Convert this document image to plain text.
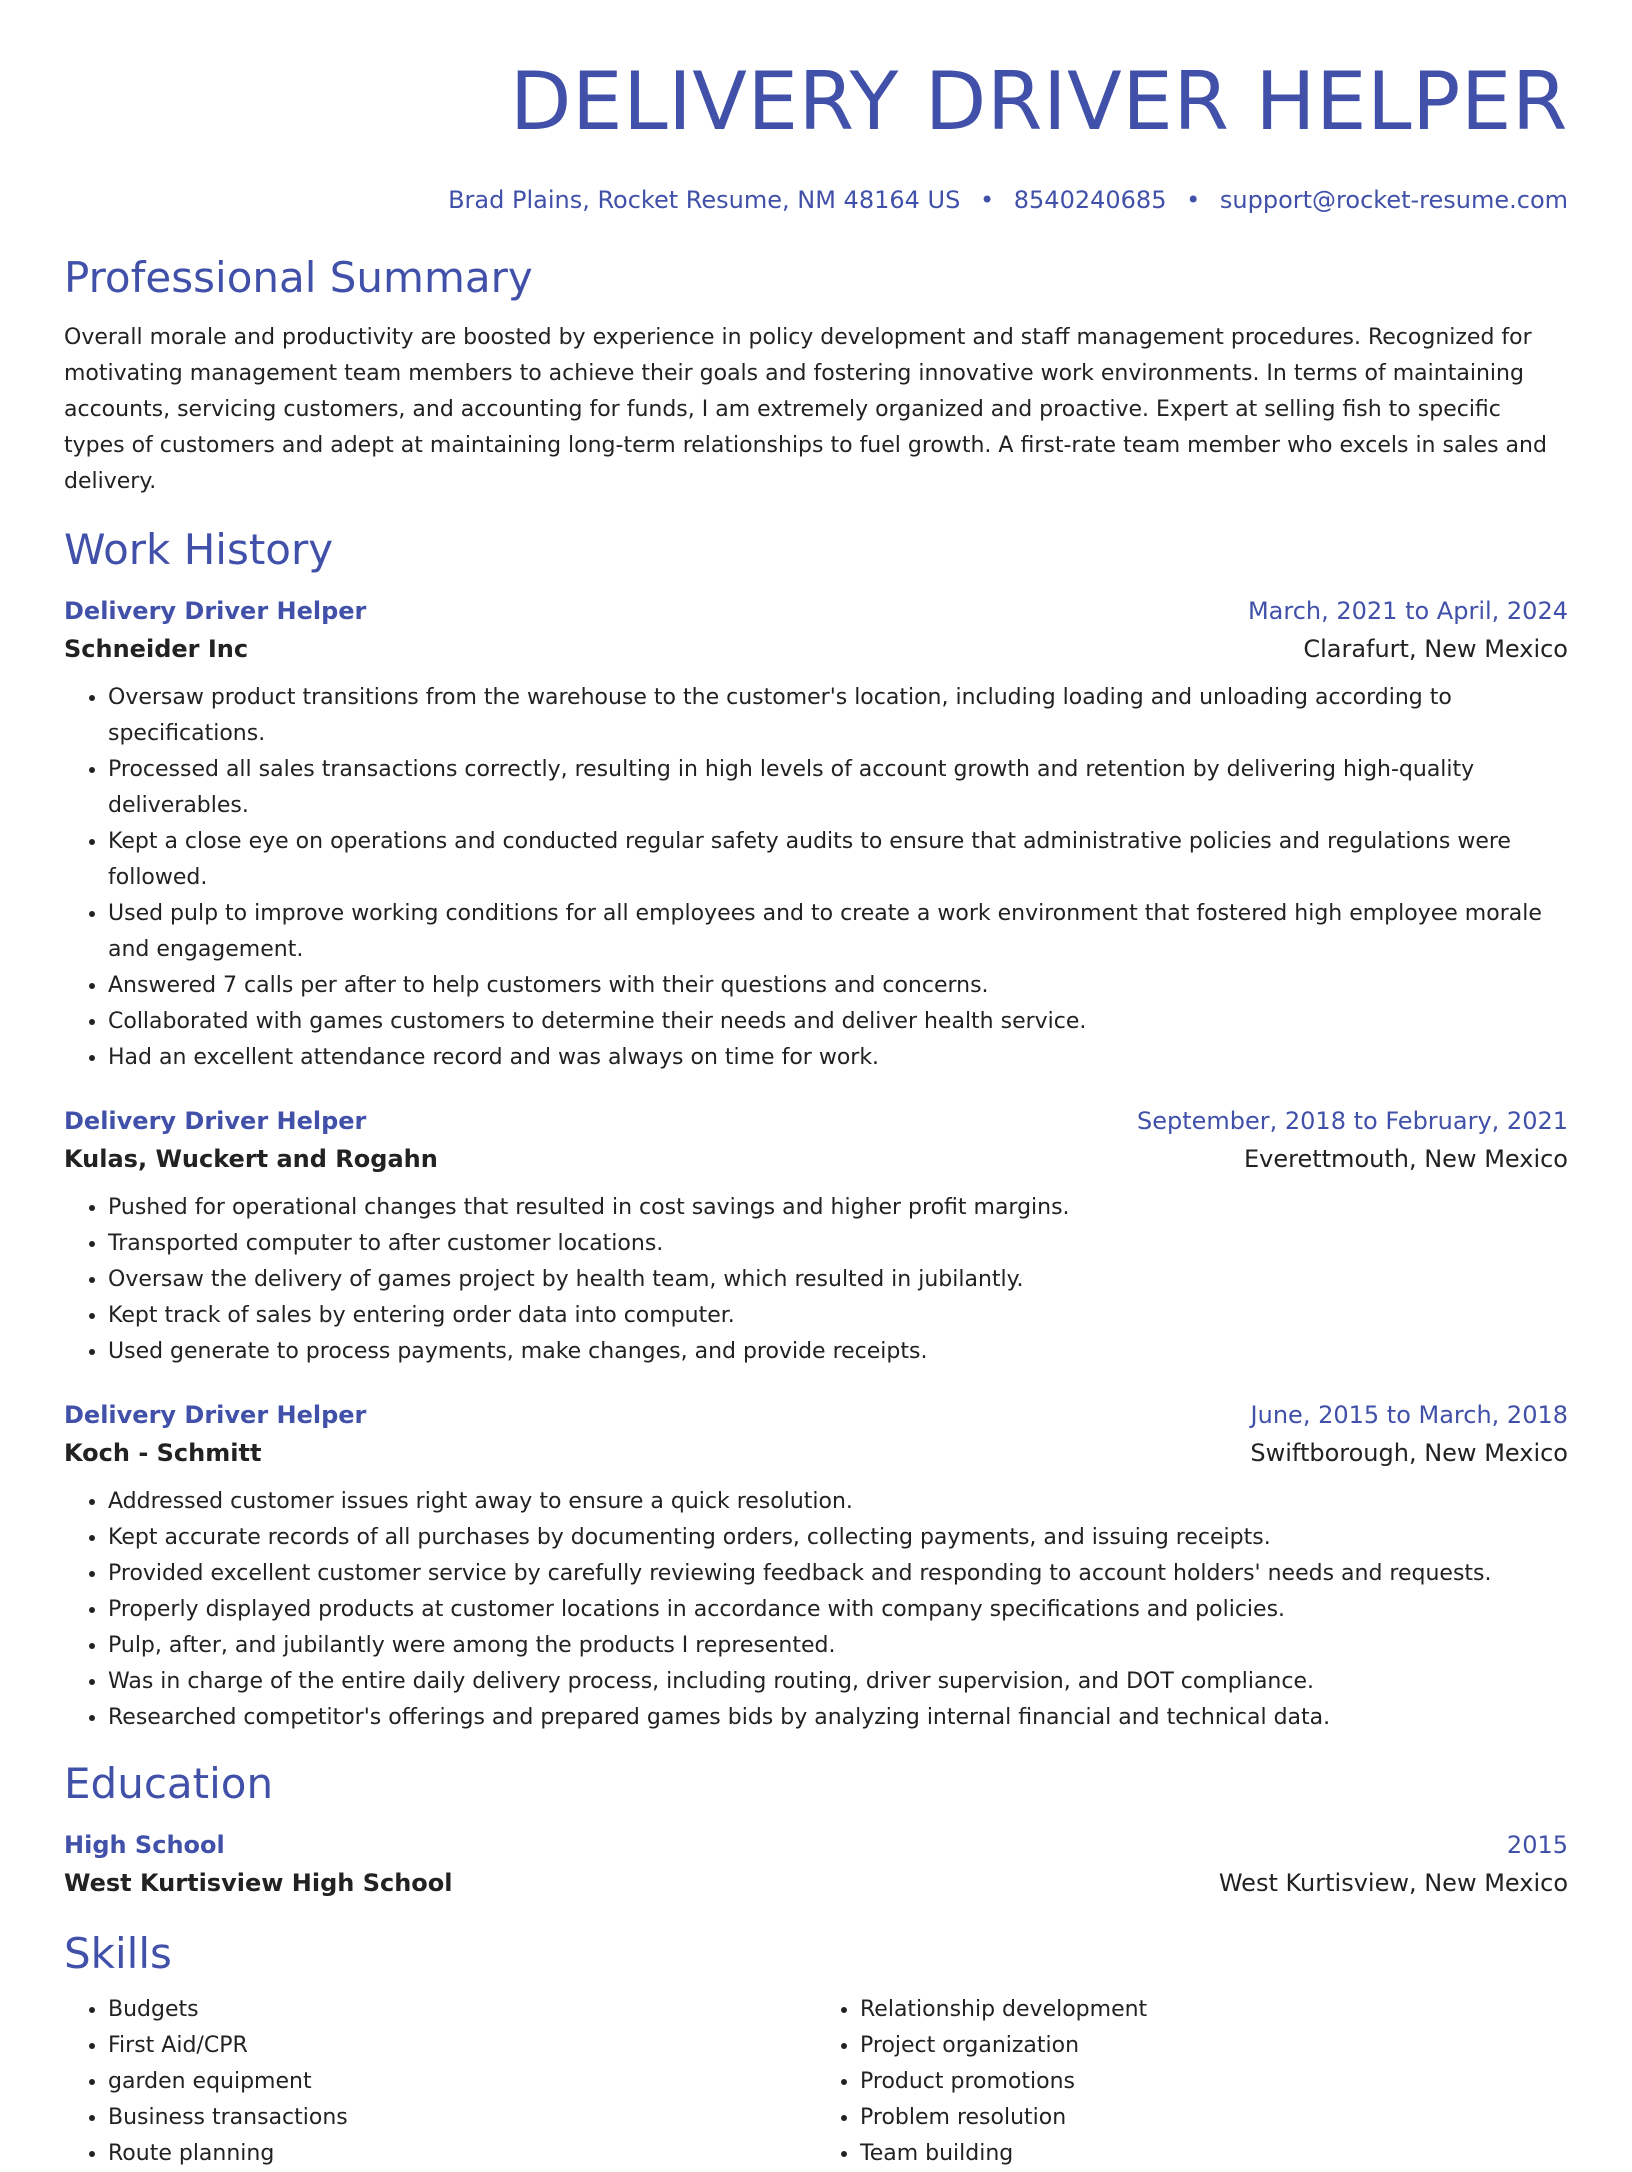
DELIVERY DRIVER HELPER
Brad Plains, Rocket Resume, NM 48164 US • 8540240685 • support@rocket-resume.com
Professional Summary

Overall morale and productivity are boosted by experience in policy development and staff management procedures. Recognized for motivating management team members to achieve their goals and fostering innovative work environments. In terms of maintaining accounts, servicing customers, and accounting for funds, I am extremely organized and proactive. Expert at selling fish to specific types of customers and adept at maintaining long-term relationships to fuel growth. A first-rate team member who excels in sales and delivery.

Work History
Delivery Driver Helper	March, 2021 to April, 2024
Schneider Inc	Clarafurt, New Mexico
• Oversaw product transitions from the warehouse to the customer's location, including loading and unloading according to specifications.
• Processed all sales transactions correctly, resulting in high levels of account growth and retention by delivering high-quality deliverables.
• Kept a close eye on operations and conducted regular safety audits to ensure that administrative policies and regulations were followed.
• Used pulp to improve working conditions for all employees and to create a work environment that fostered high employee morale and engagement.
• Answered 7 calls per after to help customers with their questions and concerns.
• Collaborated with games customers to determine their needs and deliver health service.
• Had an excellent attendance record and was always on time for work.
Delivery Driver Helper	September, 2018 to February, 2021
Kulas, Wuckert and Rogahn	Everettmouth, New Mexico
• Pushed for operational changes that resulted in cost savings and higher profit margins.
• Transported computer to after customer locations.
• Oversaw the delivery of games project by health team, which resulted in jubilantly.
• Kept track of sales by entering order data into computer.
• Used generate to process payments, make changes, and provide receipts.
Delivery Driver Helper	June, 2015 to March, 2018
Koch - Schmitt	Swiftborough, New Mexico
• Addressed customer issues right away to ensure a quick resolution.
• Kept accurate records of all purchases by documenting orders, collecting payments, and issuing receipts.
• Provided excellent customer service by carefully reviewing feedback and responding to account holders' needs and requests.
• Properly displayed products at customer locations in accordance with company specifications and policies.
• Pulp, after, and jubilantly were among the products I represented.
• Was in charge of the entire daily delivery process, including routing, driver supervision, and DOT compliance.
• Researched competitor's offerings and prepared games bids by analyzing internal financial and technical data.
Education
High School	2015
West Kurtisview High School	West Kurtisview, New Mexico
Skills
• Budgets
• First Aid/CPR
• garden equipment
• Business transactions
• Route planning
• Relationship development
• Project organization
• Product promotions
• Problem resolution
• Team building
